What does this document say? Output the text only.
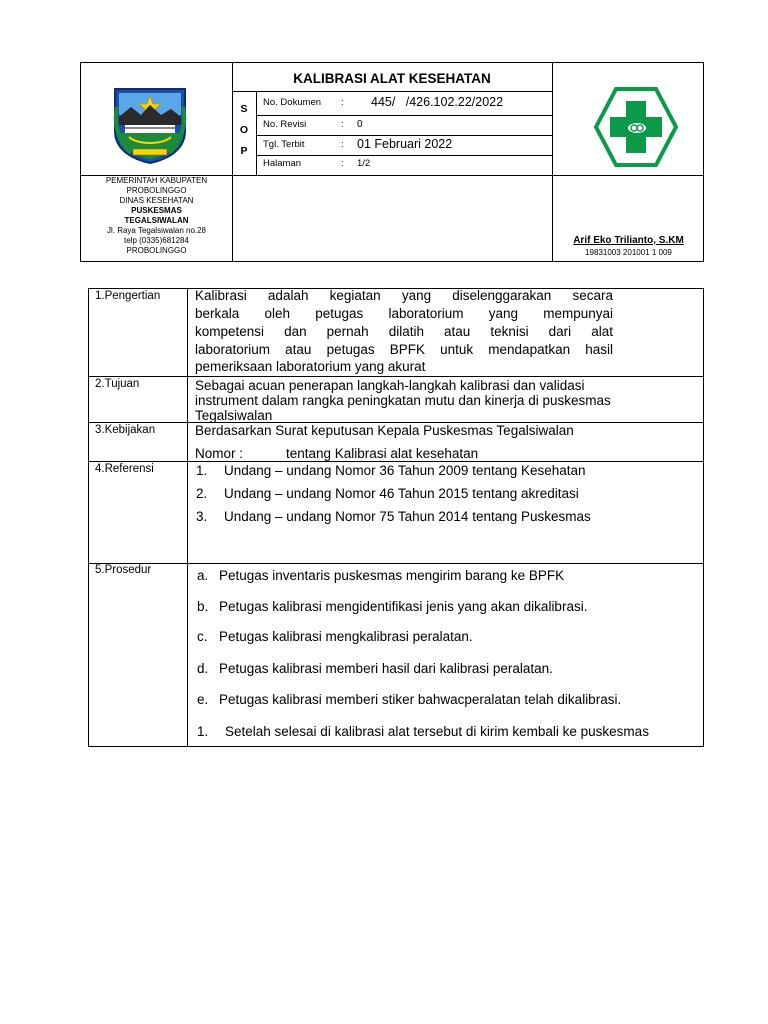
KALIBRASI ALAT KESEHATAN
S
O
P
No. Dokumen : 445/   /426.102.22/2022
No. Revisi	: 0
Tgl. Terbit	: 01 Februari 2022
Halaman	: 1/2
PEMERINTAH KABUPATEN
PROBOLINGGO
DINAS KESEHATAN
PUSKESMAS
TEGALSIWALAN
Jl. Raya Tegalsiwalan no.28
telp (0335)681284
PROBOLINGGO
Arif Eko Trilianto, S.KM
19831003 201001 1 009
1.Pengertian	Kalibrasi adalah kegiatan yang diselenggarakan secara
berkala oleh petugas laboratorium yang mempunyai
kompetensi dan pernah dilatih atau teknisi dari alat
laboratorium atau petugas BPFK untuk mendapatkan hasil
pemeriksaan laboratorium yang akurat
2.Tujuan	Sebagai acuan penerapan langkah-langkah kalibrasi dan validasi
instrument dalam rangka peningkatan mutu dan kinerja di puskesmas
Tegalsiwalan
3.Kebijakan	Berdasarkan Surat keputusan Kepala Puskesmas Tegalsiwalan
Nomor :	tentang Kalibrasi alat kesehatan
4.Referensi	1. Undang – undang Nomor 36 Tahun 2009 tentang Kesehatan
2. Undang – undang Nomor 46 Tahun 2015 tentang akreditasi
3. Undang – undang Nomor 75 Tahun 2014 tentang Puskesmas
5.Prosedur	a. Petugas inventaris puskesmas mengirim barang ke BPFK
b. Petugas kalibrasi mengidentifikasi jenis yang akan dikalibrasi.
c. Petugas kalibrasi mengkalibrasi peralatan.
d. Petugas kalibrasi memberi hasil dari kalibrasi peralatan.
e. Petugas kalibrasi memberi stiker bahwacperalatan telah dikalibrasi.
1. Setelah selesai di kalibrasi alat tersebut di kirim kembali ke puskesmas
